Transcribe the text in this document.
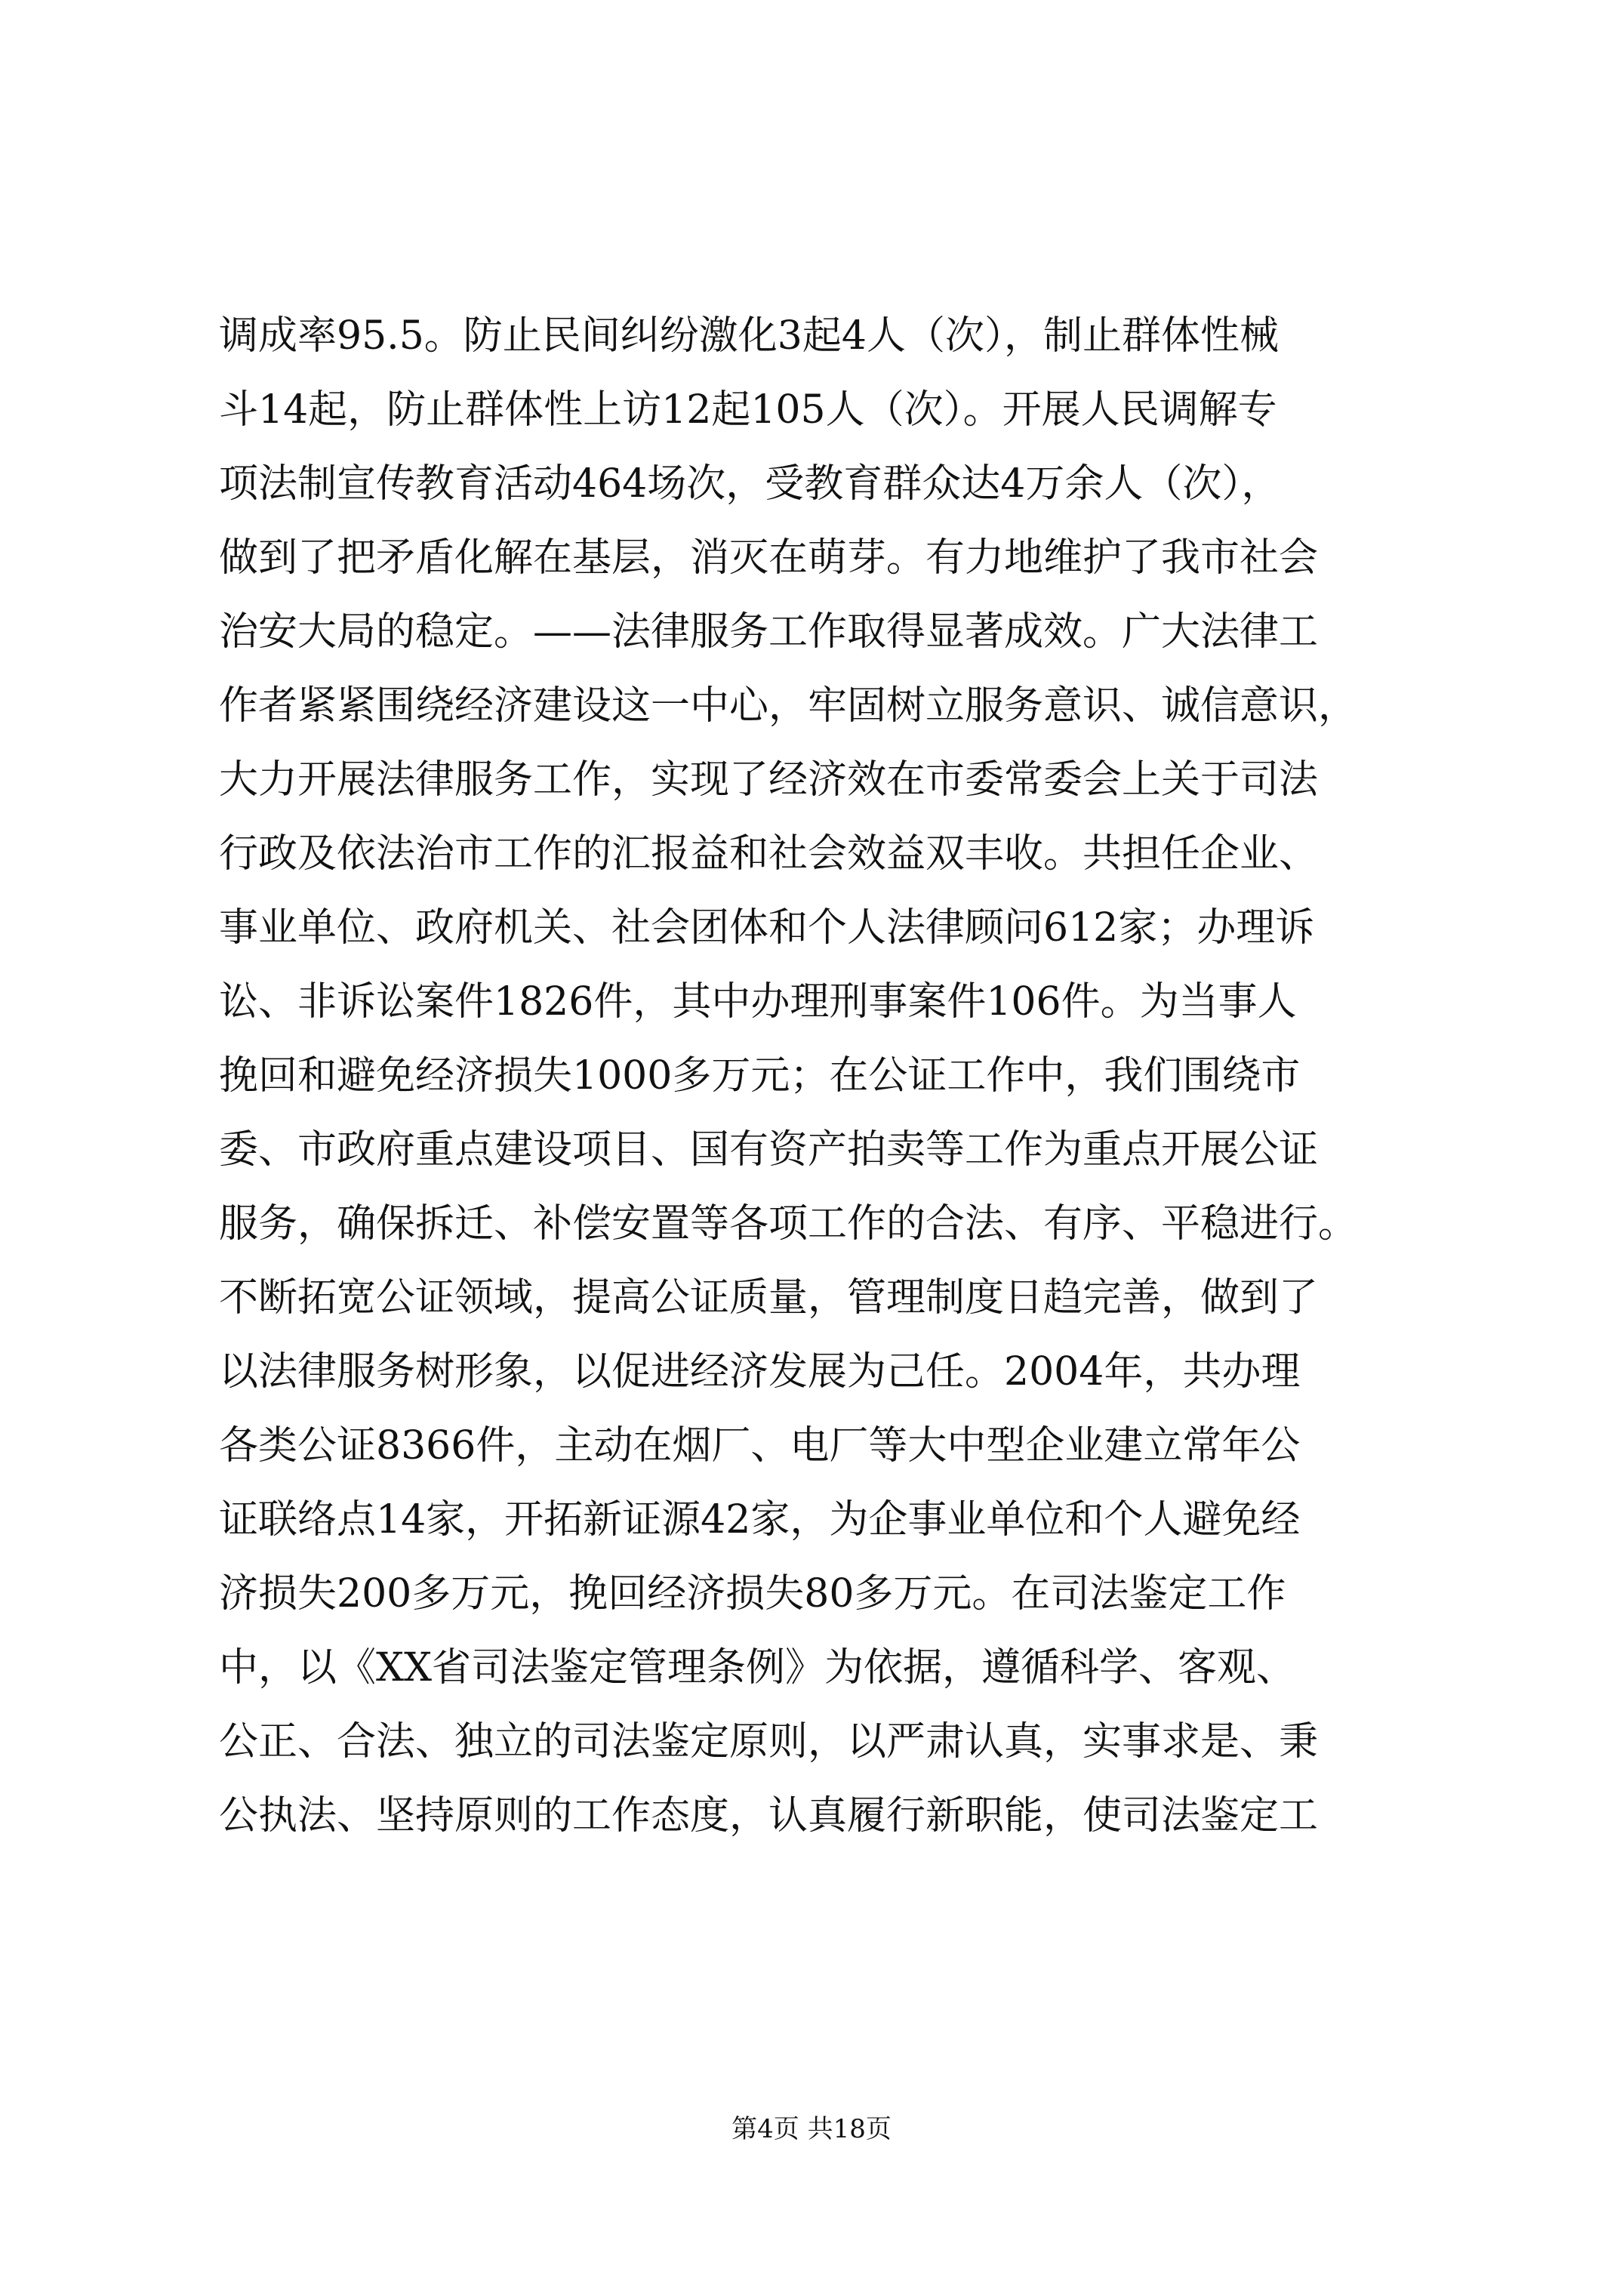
调成率95.5。防止民间纠纷激化3起4人（次），制止群体性械
斗14起，防止群体性上访12起105人（次）。开展人民调解专
项法制宣传教育活动464场次，受教育群众达4万余人（次），
做到了把矛盾化解在基层，消灭在萌芽。有力地维护了我市社会
治安大局的稳定。——法律服务工作取得显著成效。广大法律工
作者紧紧围绕经济建设这一中心，牢固树立服务意识、诚信意识，
大力开展法律服务工作，实现了经济效在市委常委会上关于司法
行政及依法治市工作的汇报益和社会效益双丰收。共担任企业、
事业单位、政府机关、社会团体和个人法律顾问612家；办理诉
讼、非诉讼案件1826件，其中办理刑事案件106件。为当事人
挽回和避免经济损失1000多万元；在公证工作中，我们围绕市
委、市政府重点建设项目、国有资产拍卖等工作为重点开展公证
服务，确保拆迁、补偿安置等各项工作的合法、有序、平稳进行。
不断拓宽公证领域，提高公证质量，管理制度日趋完善，做到了
以法律服务树形象，以促进经济发展为己任。2004年，共办理
各类公证8366件，主动在烟厂、电厂等大中型企业建立常年公
证联络点14家，开拓新证源42家，为企事业单位和个人避免经
济损失200多万元，挽回经济损失80多万元。在司法鉴定工作
中，以《XX省司法鉴定管理条例》为依据，遵循科学、客观、
公正、合法、独立的司法鉴定原则，以严肃认真，实事求是、秉
公执法、坚持原则的工作态度，认真履行新职能，使司法鉴定工
第4页 共18页
